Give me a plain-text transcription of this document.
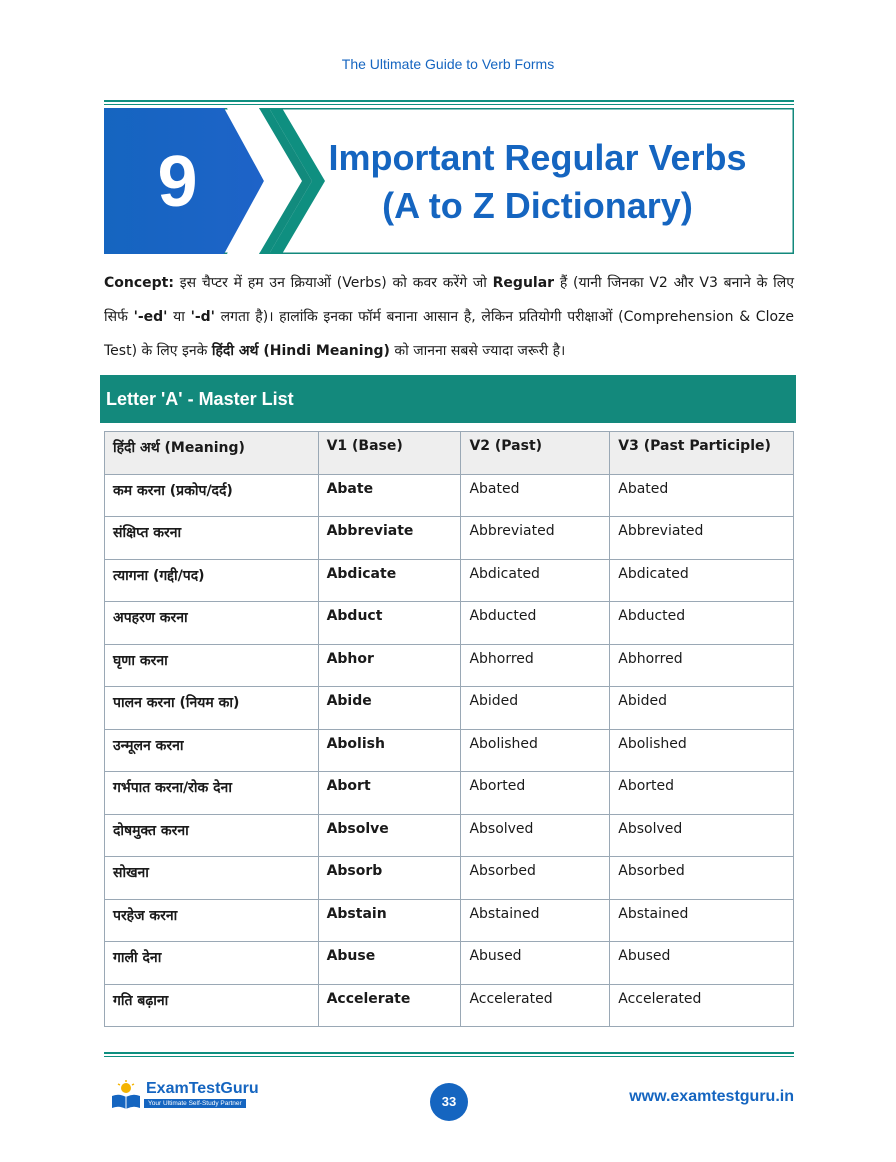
The Ultimate Guide to Verb Forms
9	Important Regular Verbs
(A to Z Dictionary)
Concept: इस चैप्टर में हम उन क्रियाओं (Verbs) को कवर करेंगे जो Regular हैं (यानी जिनका V2 और V3 बनाने के लिए सिर्फ '-ed' या '-d' लगता है)। हालांकि इनका फॉर्म बनाना आसान है, लेकिन प्रतियोगी परीक्षाओं (Comprehension & Cloze Test) के लिए इनके हिंदी अर्थ (Hindi Meaning) को जानना सबसे ज्यादा जरूरी है।
Letter 'A' - Master List
हिंदी अर्थ (Meaning)	V1 (Base)	V2 (Past)	V3 (Past Participle)
कम करना (प्रकोप/दर्द)	Abate	Abated	Abated
संक्षिप्त करना	Abbreviate	Abbreviated	Abbreviated
त्यागना (गद्दी/पद)	Abdicate	Abdicated	Abdicated
अपहरण करना	Abduct	Abducted	Abducted
घृणा करना	Abhor	Abhorred	Abhorred
पालन करना (नियम का)	Abide	Abided	Abided
उन्मूलन करना	Abolish	Abolished	Abolished
गर्भपात करना/रोक देना	Abort	Aborted	Aborted
दोषमुक्त करना	Absolve	Absolved	Absolved
सोखना	Absorb	Absorbed	Absorbed
परहेज करना	Abstain	Abstained	Abstained
गाली देना	Abuse	Abused	Abused
गति बढ़ाना	Accelerate	Accelerated	Accelerated
ExamTestGuru
Your Ultimate Self-Study Partner	33	www.examtestguru.in
